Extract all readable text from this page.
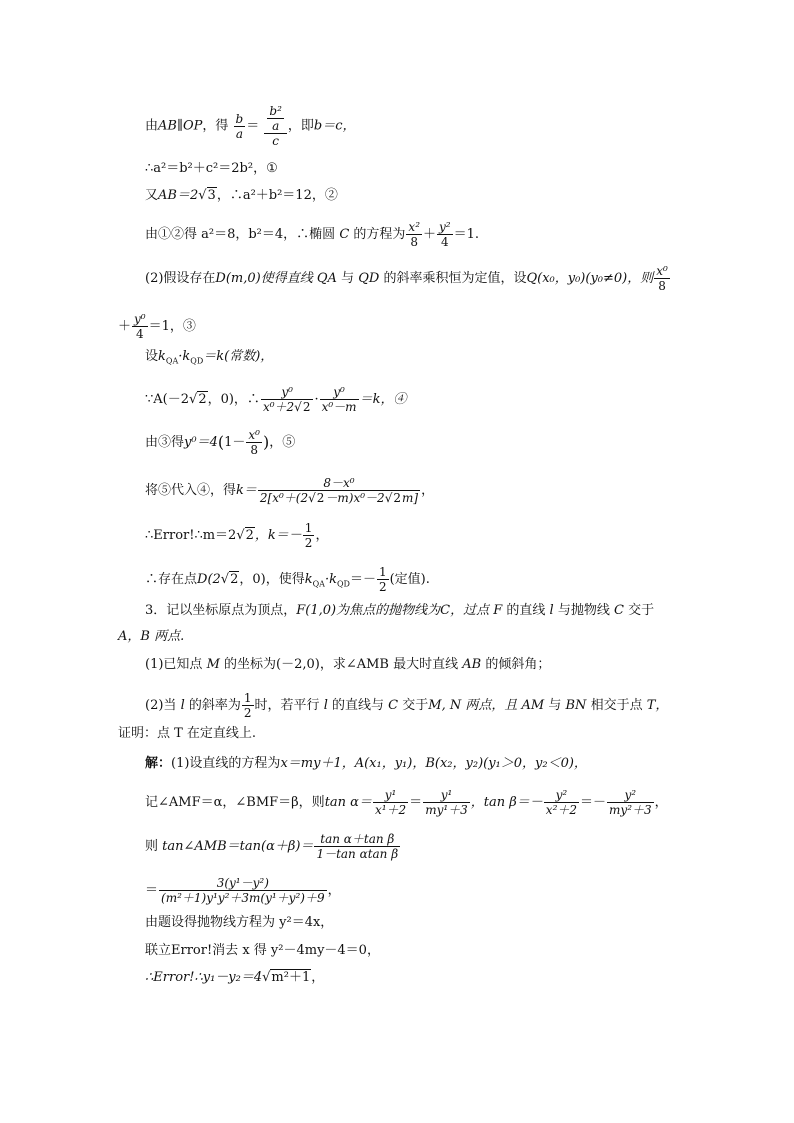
由AB∥OP，得 $\frac{b}{a} = \frac{\frac{\text{b²}}{a}}{c}$ ，即b＝c，
∴a²＝b²＋c²＝2b²，①
又AB＝2√3，∴a²＋b²＝12，②
由①②得 a²＝8，b²＝4，∴椭圆 C 的方程为 $\frac{\text{x²}}{8} + \frac{\text{y²}}{4} =1$.
(2)假设存在D(m,0)使得直线 QA 与 QD 的斜率乘积恒为定值，设Q(x₀，y₀)(y₀≠0)，则 $\frac{\text{x⁰}}{8}$
＋ $\frac{\text{y⁰}}{4} =1$，③
设$k_{QA}\cdot k_{QD}=k$(常数)，
∵A(－2√2，0)，∴ $\frac{\text{y⁰}}{\text{x⁰＋2√2}} \cdot \frac{\text{y⁰}}{\text{x⁰－m}} =k$，④
由③得$y^0=4(1- \frac{\text{x⁰}}{8}$ )，⑤
将⑤代入④，得$k= \frac{\text{8－x⁰}}{\text{2[x⁰＋(2√2－m)x⁰－2√2m]}}$ ，
∴Error!∴m＝2√2，$k=- \frac{1}{2}$ ，
∴存在点D(2√2，0)，使得$k_{QA}\cdot k_{QD}=- \frac{1}{2}$ (定值).
3．记以坐标原点为顶点，F(1,0)为焦点的抛物线为C，过点 F 的直线 l 与抛物线 C 交于
A，B 两点.
(1)已知点 M 的坐标为(－2,0)，求∠AMB 最大时直线 AB 的倾斜角；
(2)当 l 的斜率为 $\frac{1}{2}$ 时，若平行 l 的直线与 C 交于M, N 两点，且 AM 与 BN 相交于点 T，
证明：点 T 在定直线上.
解：(1)设直线的方程为x＝my＋1，A(x₁，y₁)，B(x₂，y₂)(y₁＞0，y₂＜0)，
记∠AMF＝α，∠BMF＝β，则$\tan \alpha= \frac{\text{y¹}}{\text{x¹＋2}} = \frac{\text{y¹}}{\text{my¹＋3}}$ ，$\tan \beta=- \frac{\text{y²}}{\text{x²＋2}} =- \frac{\text{y²}}{\text{my²＋3}}$ ，
则 tan∠AMB＝tan(α＋β)＝ $\frac{\text{tan α＋tan β}}{\text{1－tan αtan β}}$
＝ $\frac{\text{3(y¹－y²)}}{\text{(m²＋1)y¹y²＋3m(y¹＋y²)＋9}}$ ，
由题设得抛物线方程为 y²＝4x，
联立Error!消去 x 得 y²－4my－4＝0，
∴Error!∴y₁－y₂＝4√m²＋1，
